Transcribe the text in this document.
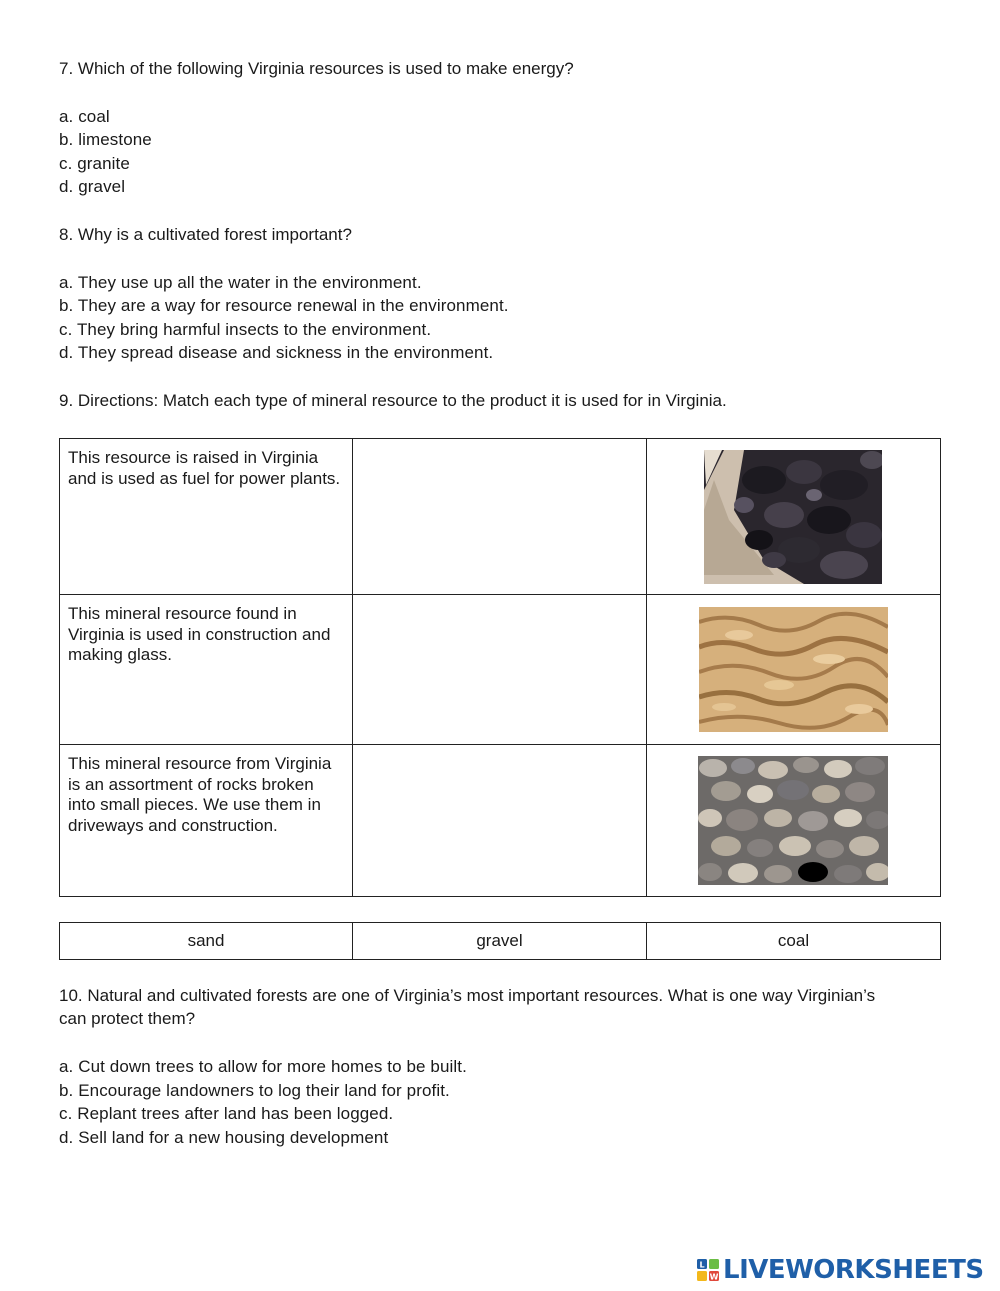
7. Which of the following Virginia resources is used to make energy?
a. coal
b. limestone
c. granite
d. gravel
8. Why is a cultivated forest important?
a. They use up all the water in the environment.
b. They are a way for resource renewal in the environment.
c. They bring harmful insects to the environment.
d. They spread disease and sickness in the environment.
9. Directions: Match each type of mineral resource to the product it is used for in Virginia.
This resource is raised in Virginia and is used as fuel for power plants.		

This mineral resource found in Virginia is used in construction and making glass.		

This mineral resource from Virginia is an assortment of rocks broken into small pieces. We use them in driveways and construction.		
sand	gravel	coal
10. Natural and cultivated forests are one of Virginia’s most important resources. What is one way Virginian’s
can protect them?
a. Cut down trees to allow for more homes to be built.
b. Encourage landowners to log their land for profit.
c. Replant trees after land has been logged.
d. Sell land for a new housing development
L
W LIVEWORKSHEETS
